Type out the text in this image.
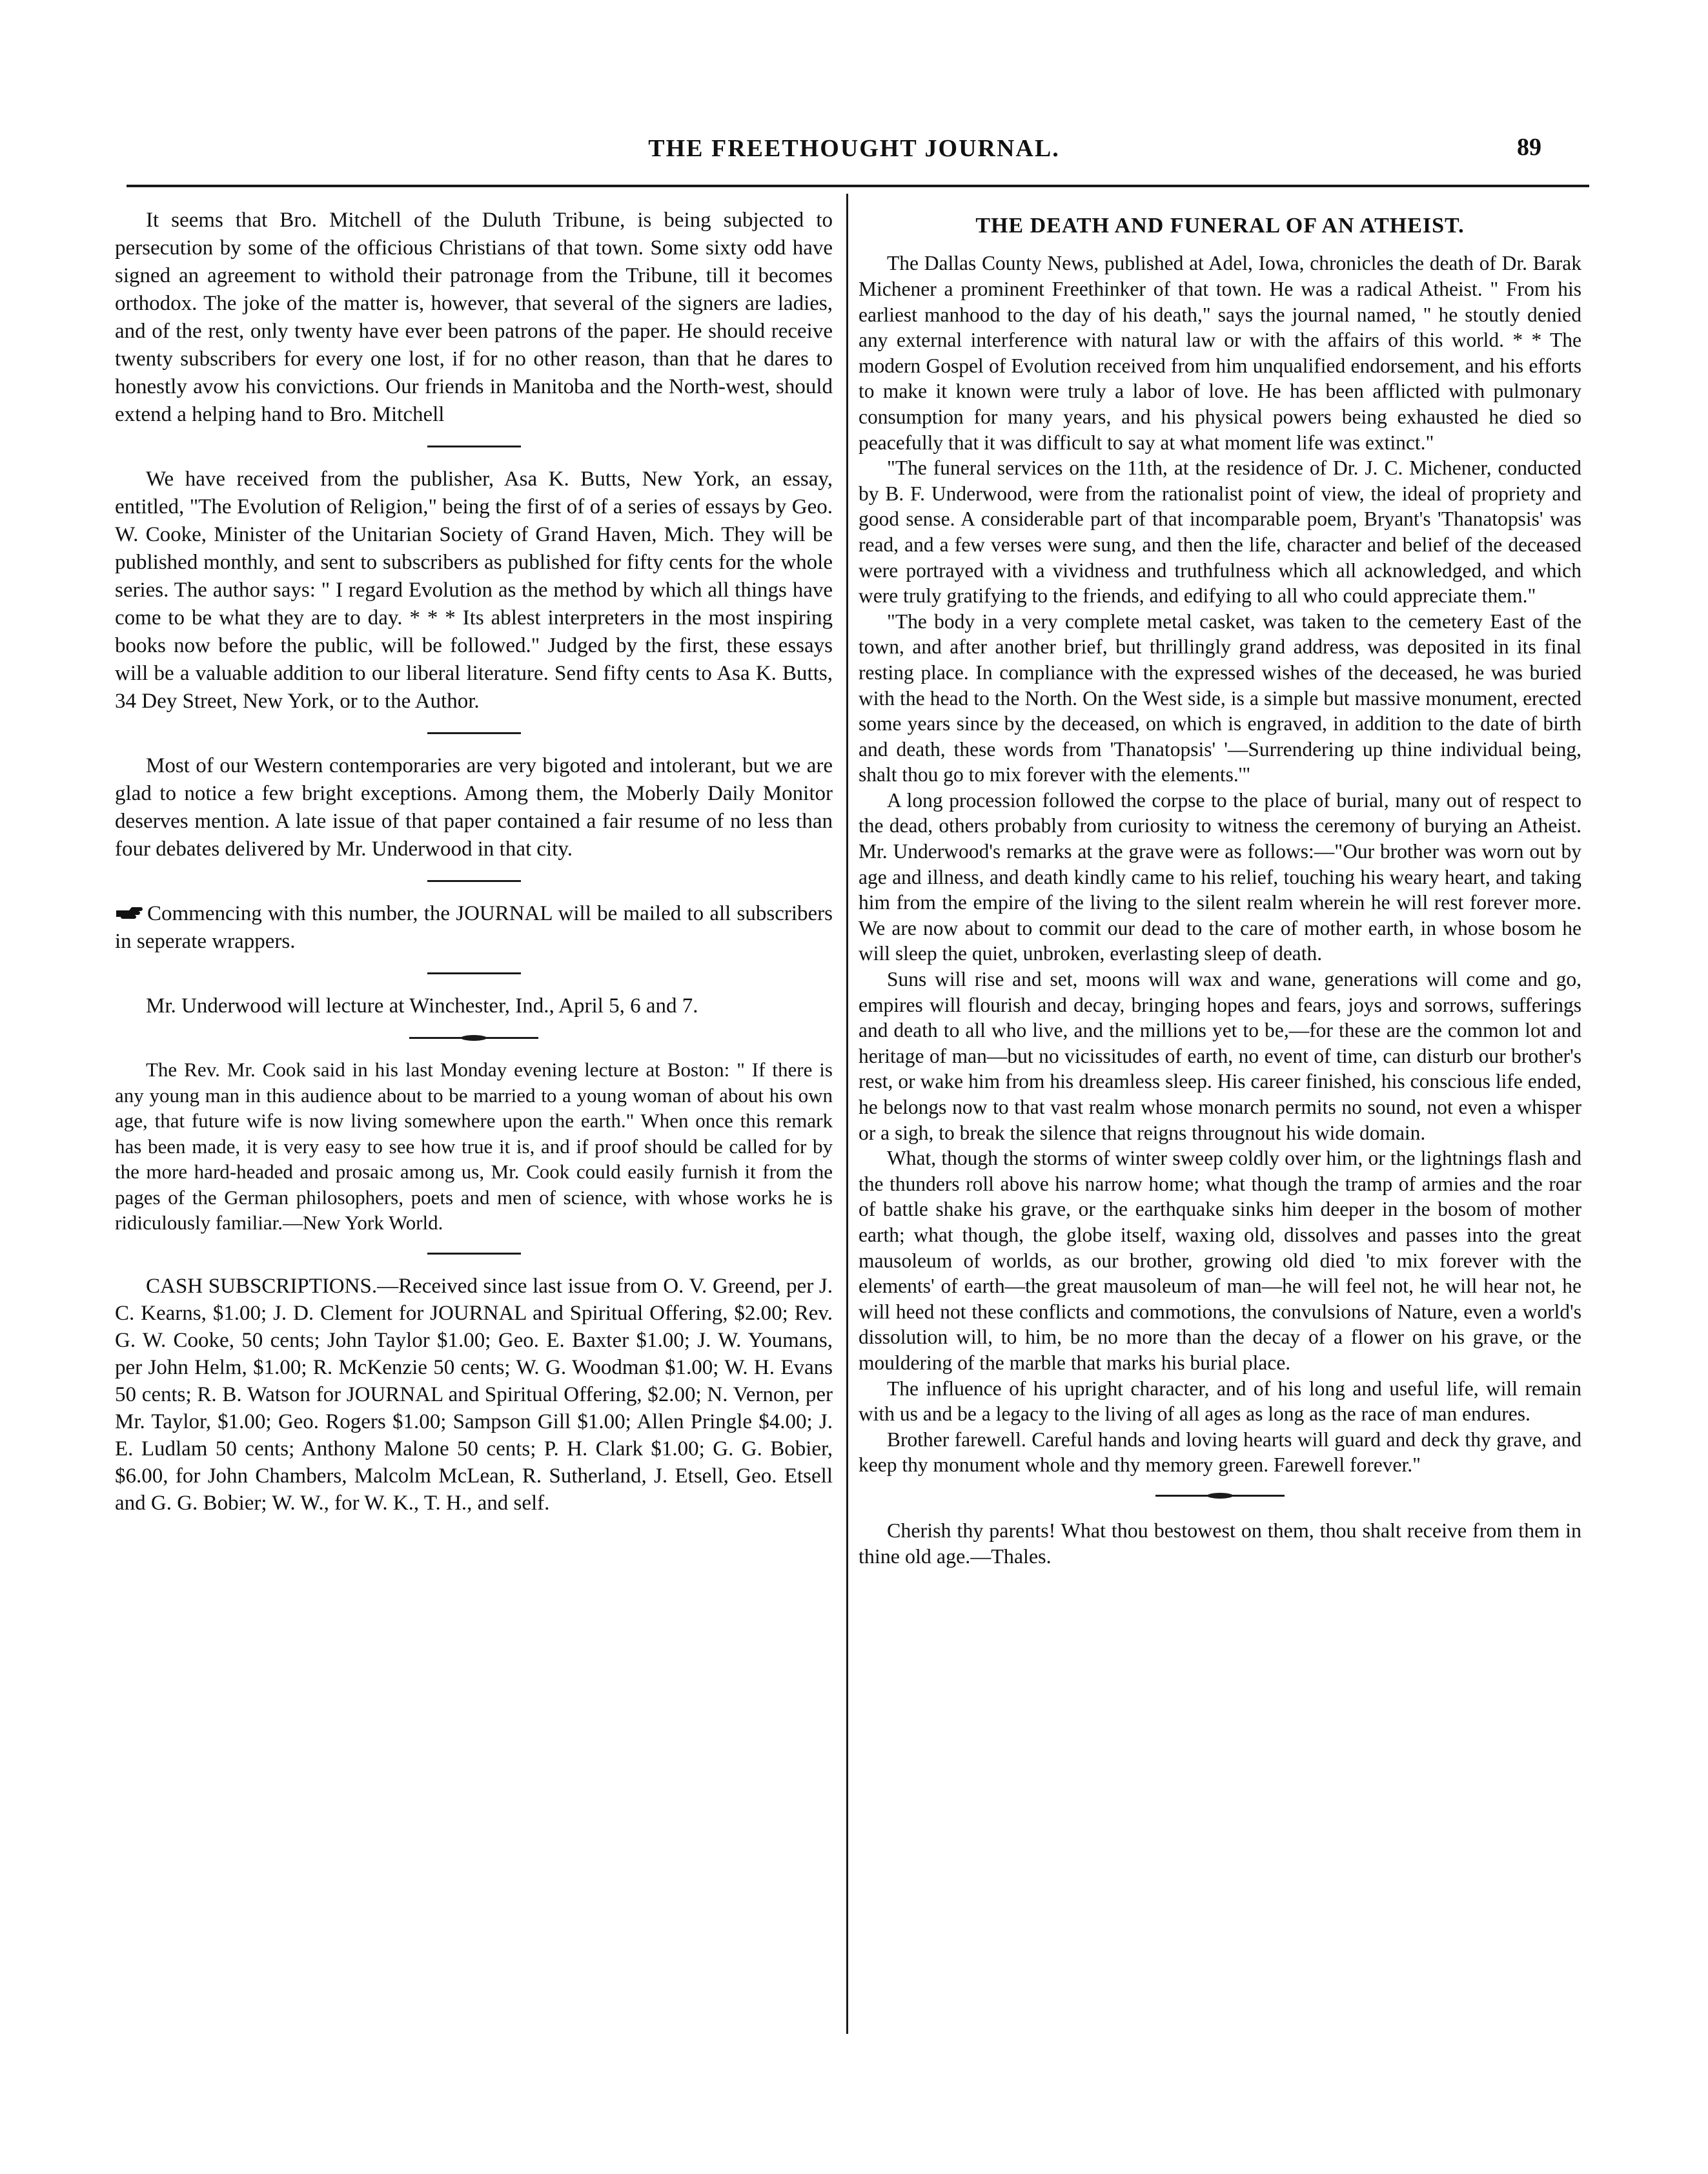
THE FREETHOUGHT JOURNAL.	89

It seems that Bro. Mitchell of the Duluth Tribune, is being subjected to persecution by some of the officious Christians of that town. Some sixty odd have signed an agreement to withold their patronage from the Tribune, till it becomes orthodox. The joke of the matter is, however, that several of the signers are ladies, and of the rest, only twenty have ever been patrons of the paper. He should receive twenty subscribers for every one lost, if for no other reason, than that he dares to honestly avow his convictions. Our friends in Manitoba and the North-west, should extend a helping hand to Bro. Mitchell

We have received from the publisher, Asa K. Butts, New York, an essay, entitled, "The Evolution of Religion," being the first of of a series of essays by Geo. W. Cooke, Minister of the Unitarian Society of Grand Haven, Mich. They will be published monthly, and sent to subscribers as published for fifty cents for the whole series. The author says: " I regard Evolution as the method by which all things have come to be what they are to day. * * * Its ablest interpreters in the most inspiring books now before the public, will be followed." Judged by the first, these essays will be a valuable addition to our liberal literature. Send fifty cents to Asa K. Butts, 34 Dey Street, New York, or to the Author.

Most of our Western contemporaries are very bigoted and intolerant, but we are glad to notice a few bright exceptions. Among them, the Moberly Daily Monitor deserves mention. A late issue of that paper contained a fair resume of no less than four debates delivered by Mr. Underwood in that city.

Commencing with this number, the JOURNAL will be mailed to all subscribers in seperate wrappers.

Mr. Underwood will lecture at Winchester, Ind., April 5, 6 and 7.

The Rev. Mr. Cook said in his last Monday evening lecture at Boston: " If there is any young man in this audience about to be married to a young woman of about his own age, that future wife is now living somewhere upon the earth." When once this remark has been made, it is very easy to see how true it is, and if proof should be called for by the more hard-headed and prosaic among us, Mr. Cook could easily furnish it from the pages of the German philosophers, poets and men of science, with whose works he is ridiculously familiar.—New York World.

CASH SUBSCRIPTIONS.—Received since last issue from O. V. Greend, per J. C. Kearns, $1.00; J. D. Clement for JOURNAL and Spiritual Offering, $2.00; Rev. G. W. Cooke, 50 cents; John Taylor $1.00; Geo. E. Baxter $1.00; J. W. Youmans, per John Helm, $1.00; R. McKenzie 50 cents; W. G. Woodman $1.00; W. H. Evans 50 cents; R. B. Watson for JOURNAL and Spiritual Offering, $2.00; N. Vernon, per Mr. Taylor, $1.00; Geo. Rogers $1.00; Sampson Gill $1.00; Allen Pringle $4.00; J. E. Ludlam 50 cents; Anthony Malone 50 cents; P. H. Clark $1.00; G. G. Bobier, $6.00, for John Chambers, Malcolm McLean, R. Sutherland, J. Etsell, Geo. Etsell and G. G. Bobier; W. W., for W. K., T. H., and self.

THE DEATH AND FUNERAL OF AN ATHEIST.

The Dallas County News, published at Adel, Iowa, chronicles the death of Dr. Barak Michener a prominent Freethinker of that town. He was a radical Atheist. " From his earliest manhood to the day of his death," says the journal named, " he stoutly denied any external interference with natural law or with the affairs of this world. * * The modern Gospel of Evolution received from him unqualified endorsement, and his efforts to make it known were truly a labor of love. He has been afflicted with pulmonary consumption for many years, and his physical powers being exhausted he died so peacefully that it was difficult to say at what moment life was extinct."

"The funeral services on the 11th, at the residence of Dr. J. C. Michener, conducted by B. F. Underwood, were from the rationalist point of view, the ideal of propriety and good sense. A considerable part of that incomparable poem, Bryant's 'Thanatopsis' was read, and a few verses were sung, and then the life, character and belief of the deceased were portrayed with a vividness and truthfulness which all acknowledged, and which were truly gratifying to the friends, and edifying to all who could appreciate them."

"The body in a very complete metal casket, was taken to the cemetery East of the town, and after another brief, but thrillingly grand address, was deposited in its final resting place. In compliance with the expressed wishes of the deceased, he was buried with the head to the North. On the West side, is a simple but massive monument, erected some years since by the deceased, on which is engraved, in addition to the date of birth and death, these words from 'Thanatopsis' '—Surrendering up thine individual being, shalt thou go to mix forever with the elements.'"

A long procession followed the corpse to the place of burial, many out of respect to the dead, others probably from curiosity to witness the ceremony of burying an Atheist. Mr. Underwood's remarks at the grave were as follows:—"Our brother was worn out by age and illness, and death kindly came to his relief, touching his weary heart, and taking him from the empire of the living to the silent realm wherein he will rest forever more. We are now about to commit our dead to the care of mother earth, in whose bosom he will sleep the quiet, unbroken, everlasting sleep of death.

Suns will rise and set, moons will wax and wane, generations will come and go, empires will flourish and decay, bringing hopes and fears, joys and sorrows, sufferings and death to all who live, and the millions yet to be,—for these are the common lot and heritage of man—but no vicissitudes of earth, no event of time, can disturb our brother's rest, or wake him from his dreamless sleep. His career finished, his conscious life ended, he belongs now to that vast realm whose monarch permits no sound, not even a whisper or a sigh, to break the silence that reigns througnout his wide domain.

What, though the storms of winter sweep coldly over him, or the lightnings flash and the thunders roll above his narrow home; what though the tramp of armies and the roar of battle shake his grave, or the earthquake sinks him deeper in the bosom of mother earth; what though, the globe itself, waxing old, dissolves and passes into the great mausoleum of worlds, as our brother, growing old died 'to mix forever with the elements' of earth—the great mausoleum of man—he will feel not, he will hear not, he will heed not these conflicts and commotions, the convulsions of Nature, even a world's dissolution will, to him, be no more than the decay of a flower on his grave, or the mouldering of the marble that marks his burial place.

The influence of his upright character, and of his long and useful life, will remain with us and be a legacy to the living of all ages as long as the race of man endures.

Brother farewell. Careful hands and loving hearts will guard and deck thy grave, and keep thy monument whole and thy memory green. Farewell forever."

Cherish thy parents! What thou bestowest on them, thou shalt receive from them in thine old age.—Thales.
